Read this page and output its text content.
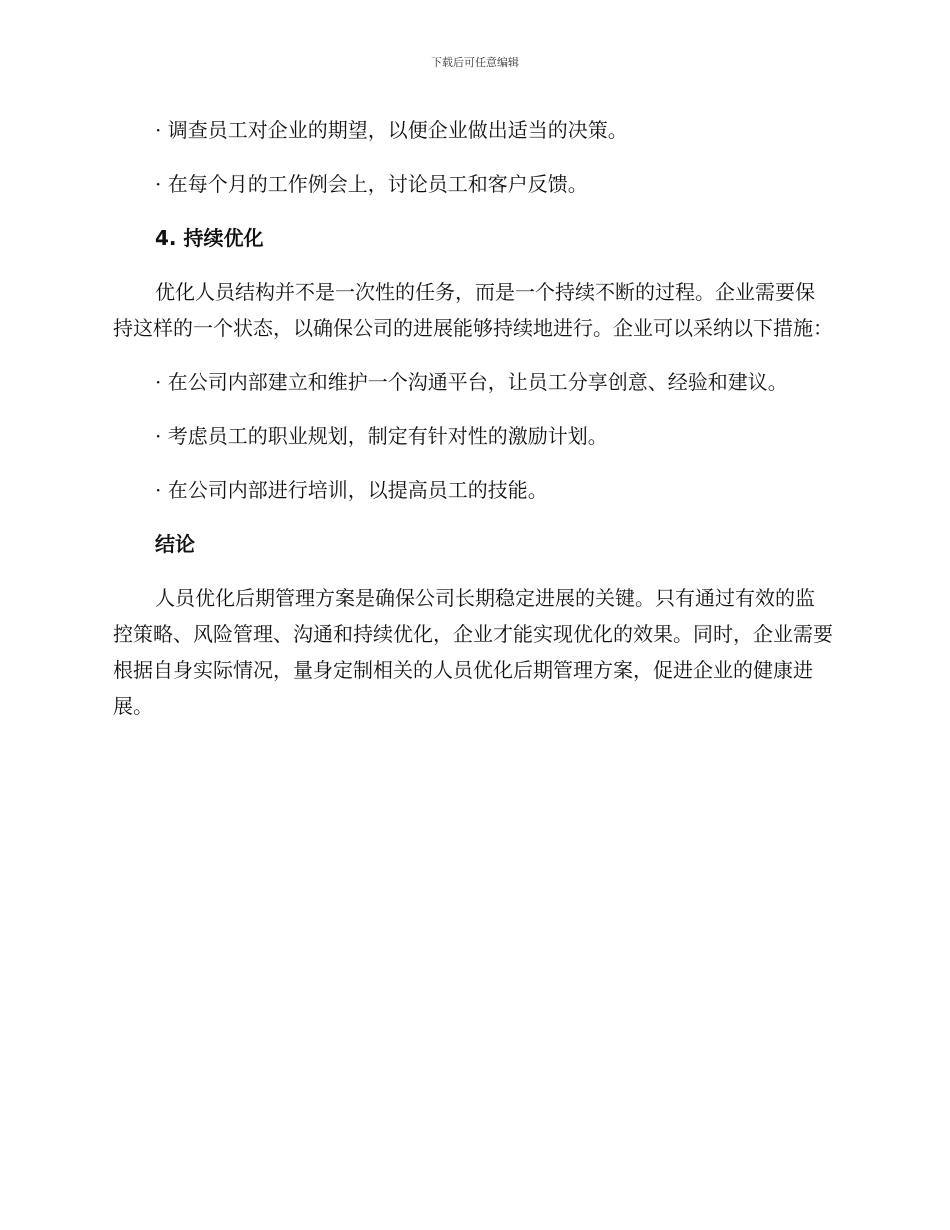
下载后可任意编辑

· 调查员工对企业的期望，以便企业做出适当的决策。

· 在每个月的工作例会上，讨论员工和客户反馈。

4. 持续优化

优化人员结构并不是一次性的任务，而是一个持续不断的过程。企业需要保持这样的一个状态，以确保公司的进展能够持续地进行。企业可以采纳以下措施：

· 在公司内部建立和维护一个沟通平台，让员工分享创意、经验和建议。

· 考虑员工的职业规划，制定有针对性的激励计划。

· 在公司内部进行培训，以提高员工的技能。

结论

人员优化后期管理方案是确保公司长期稳定进展的关键。只有通过有效的监控策略、风险管理、沟通和持续优化，企业才能实现优化的效果。同时，企业需要根据自身实际情况，量身定制相关的人员优化后期管理方案，促进企业的健康进展。
